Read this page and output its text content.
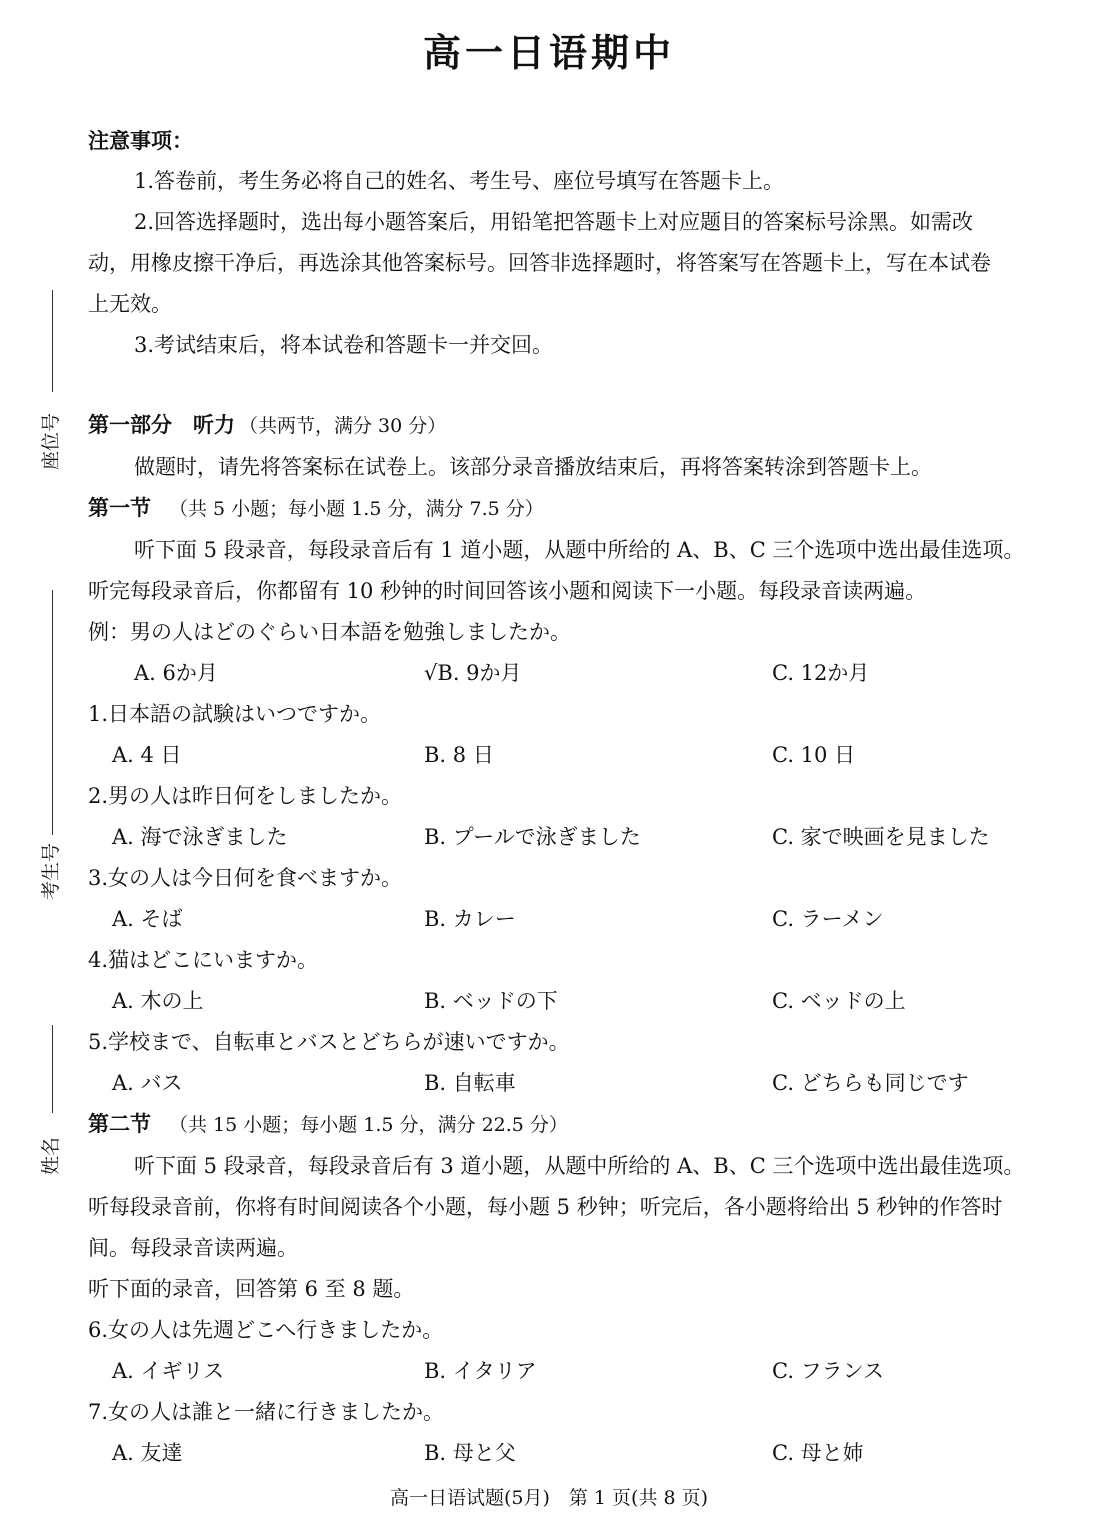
高一日语期中
座位号
考生号
姓名
注意事项：
1.答卷前，考生务必将自己的姓名、考生号、座位号填写在答题卡上。
2.回答选择题时，选出每小题答案后，用铅笔把答题卡上对应题目的答案标号涂黑。如需改
动，用橡皮擦干净后，再选涂其他答案标号。回答非选择题时，将答案写在答题卡上，写在本试卷
上无效。
3.考试结束后，将本试卷和答题卡一并交回。
第一部分　听力 （共两节，满分 30 分）
做题时，请先将答案标在试卷上。该部分录音播放结束后，再将答案转涂到答题卡上。
第一节 （共 5 小题；每小题 1.5 分，满分 7.5 分）
听下面 5 段录音，每段录音后有 1 道小题，从题中所给的 A、B、C 三个选项中选出最佳选项。
听完每段录音后，你都留有 10 秒钟的时间回答该小题和阅读下一小题。每段录音读两遍。
例：男の人はどのぐらい日本語を勉強しましたか。
A. 6か月	√B. 9か月	C. 12か月
1.日本語の試験はいつですか。
A. 4 日	B. 8 日	C. 10 日
2.男の人は昨日何をしましたか。
A. 海で泳ぎました	B. プールで泳ぎました	C. 家で映画を見ました
3.女の人は今日何を食べますか。
A. そば	B. カレー	C. ラーメン
4.猫はどこにいますか。
A. 木の上	B. ベッドの下	C. ベッドの上
5.学校まで、自転車とバスとどちらが速いですか。
A. バス	B. 自転車	C. どちらも同じです
第二节 （共 15 小题；每小题 1.5 分，满分 22.5 分）
听下面 5 段录音，每段录音后有 3 道小题，从题中所给的 A、B、C 三个选项中选出最佳选项。
听每段录音前，你将有时间阅读各个小题，每小题 5 秒钟；听完后，各小题将给出 5 秒钟的作答时
间。每段录音读两遍。
听下面的录音，回答第 6 至 8 题。
6.女の人は先週どこへ行きましたか。
A. イギリス	B. イタリア	C. フランス
7.女の人は誰と一緒に行きましたか。
A. 友達	B. 母と父	C. 母と姉
高一日语试题(5月)　第 1 页(共 8 页)
